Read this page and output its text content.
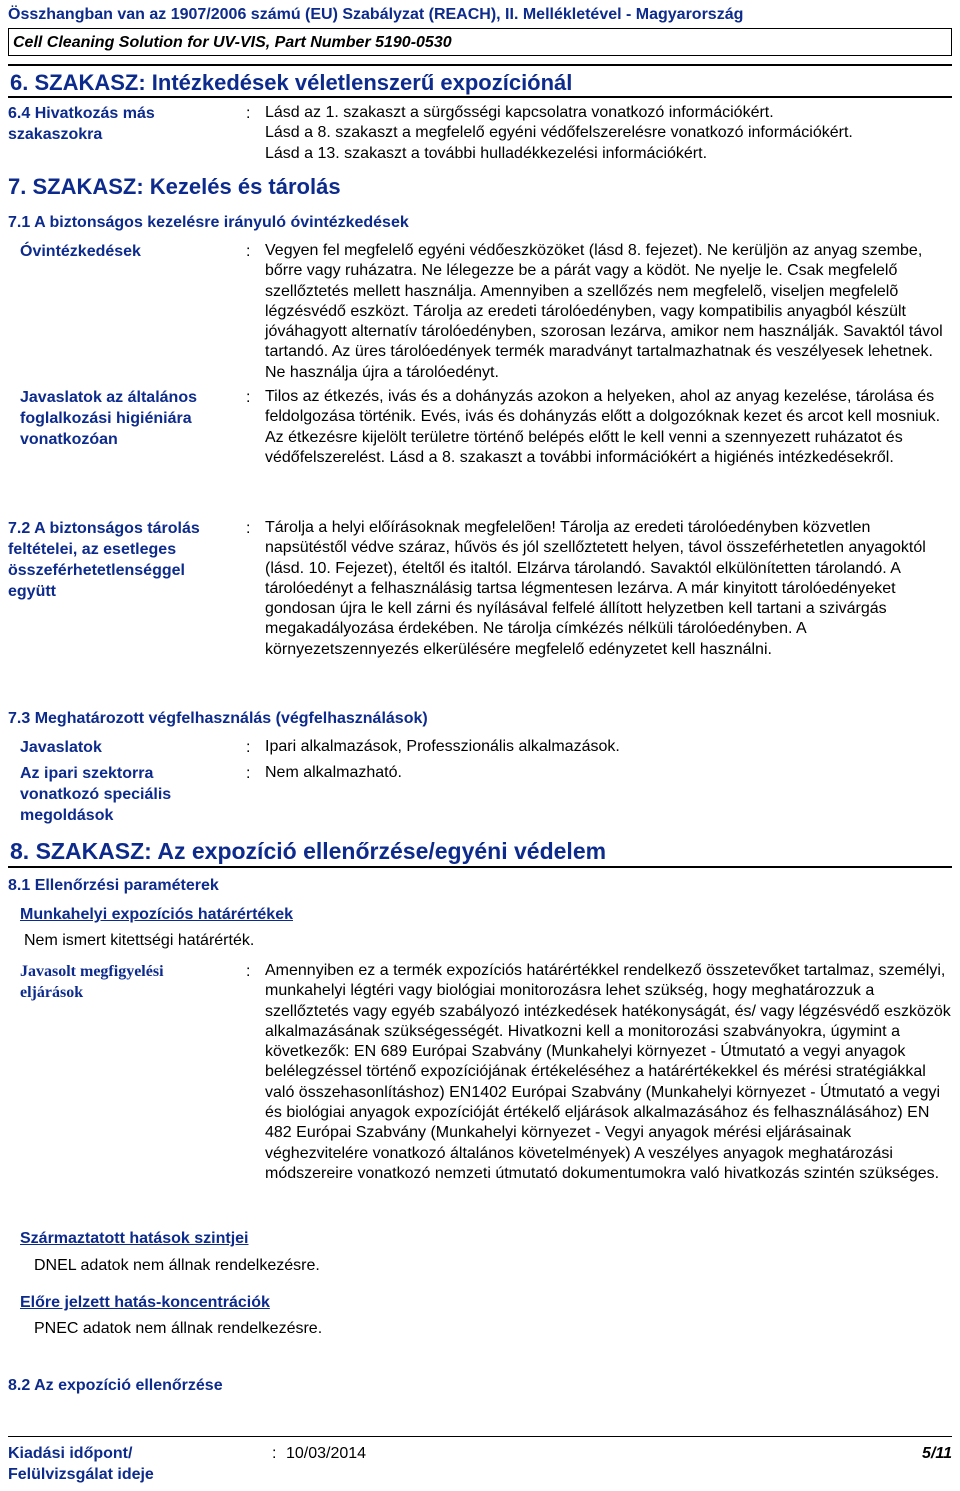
Összhangban van az 1907/2006 számú (EU) Szabályzat (REACH), II. Mellékletével - Magyarország
Cell Cleaning Solution for UV-VIS, Part Number 5190-0530
6. SZAKASZ: Intézkedések véletlenszerű expozíciónál
6.4 Hivatkozás más szakaszokra
: Lásd az 1. szakaszt a sürgősségi kapcsolatra vonatkozó információkért.
Lásd a 8. szakaszt a megfelelő egyéni védőfelszerelésre vonatkozó információkért.
Lásd a 13. szakaszt a további hulladékkezelési információkért.
7. SZAKASZ: Kezelés és tárolás
7.1 A biztonságos kezelésre irányuló óvintézkedések
Óvintézkedések	: Vegyen fel megfelelő egyéni védőeszközöket (lásd 8. fejezet). Ne kerüljön az anyag szembe, bőrre vagy ruházatra. Ne lélegezze be a párát vagy a ködöt. Ne nyelje le. Csak megfelelő szellőztetés mellett használja. Amennyiben a szellőzés nem megfelelõ, viseljen megfelelõ légzésvédő eszközt. Tárolja az eredeti tárolóedényben, vagy kompatibilis anyagból készült jóváhagyott alternatív tárolóedényben, szorosan lezárva, amikor nem használják. Savaktól távol tartandó. Az üres tárolóedények termék maradványt tartalmazhatnak és veszélyesek lehetnek. Ne használja újra a tárolóedényt.
Javaslatok az általános foglalkozási higiéniára vonatkozóan
: Tilos az étkezés, ivás és a dohányzás azokon a helyeken, ahol az anyag kezelése, tárolása és feldolgozása történik. Evés, ivás és dohányzás előtt a dolgozóknak kezet és arcot kell mosniuk. Az étkezésre kijelölt területre történő belépés előtt le kell venni a szennyezett ruházatot és védőfelszerelést. Lásd a 8. szakaszt a további információkért a higiénés intézkedésekről.
7.2 A biztonságos tárolás feltételei, az esetleges összeférhetetlenséggel együtt
: Tárolja a helyi előírásoknak megfelelõen! Tárolja az eredeti tárolóedényben közvetlen napsütéstől védve száraz, hűvös és jól szellőztetett helyen, távol összeférhetetlen anyagoktól (lásd. 10. Fejezet), ételtől és italtól. Elzárva tárolandó. Savaktól elkülönítetten tárolandó. A tárolóedényt a felhasználásig tartsa légmentesen lezárva. A már kinyitott tárolóedényeket gondosan újra le kell zárni és nyílásával felfelé állított helyzetben kell tartani a szivárgás megakadályozása érdekében. Ne tárolja címkézés nélküli tárolóedényben. A környezetszennyezés elkerülésére megfelelő edényzetet kell használni.
7.3 Meghatározott végfelhasználás (végfelhasználások)
Javaslatok	: Ipari alkalmazások, Professzionális alkalmazások.
Az ipari szektorra vonatkozó speciális megoldások
: Nem alkalmazható.
8. SZAKASZ: Az expozíció ellenőrzése/egyéni védelem
8.1 Ellenőrzési paraméterek
Munkahelyi expozíciós határértékek
Nem ismert kitettségi határérték.
Javasolt megfigyelési eljárások
: Amennyiben ez a termék expozíciós határértékkel rendelkező összetevőket tartalmaz, személyi, munkahelyi légtéri vagy biológiai monitorozásra lehet szükség, hogy meghatározzuk a szellőztetés vagy egyéb szabályozó intézkedések hatékonyságát, és/ vagy légzésvédő eszközök alkalmazásának szükségességét. Hivatkozni kell a monitorozási szabványokra, úgymint a következők: EN 689 Európai Szabvány (Munkahelyi környezet - Útmutató a vegyi anyagok belélegzéssel történő expozíciójának értékeléséhez a határértékekkel és mérési stratégiákkal való összehasonlításhoz) EN1402 Európai Szabvány (Munkahelyi környezet - Útmutató a vegyi és biológiai anyagok expozícióját értékelő eljárások alkalmazásához és felhasználásához) EN 482 Európai Szabvány (Munkahelyi környezet - Vegyi anyagok mérési eljárásainak véghezvitelére vonatkozó általános követelmények) A veszélyes anyagok meghatározási módszereire vonatkozó nemzeti útmutató dokumentumokra való hivatkozás szintén szükséges.
Származtatott hatások szintjei
DNEL adatok nem állnak rendelkezésre.
Előre jelzett hatás-koncentrációk
PNEC adatok nem állnak rendelkezésre.
8.2 Az expozíció ellenőrzése
Kiadási időpont/ Felülvizsgálat ideje
: 10/03/2014	5/11
